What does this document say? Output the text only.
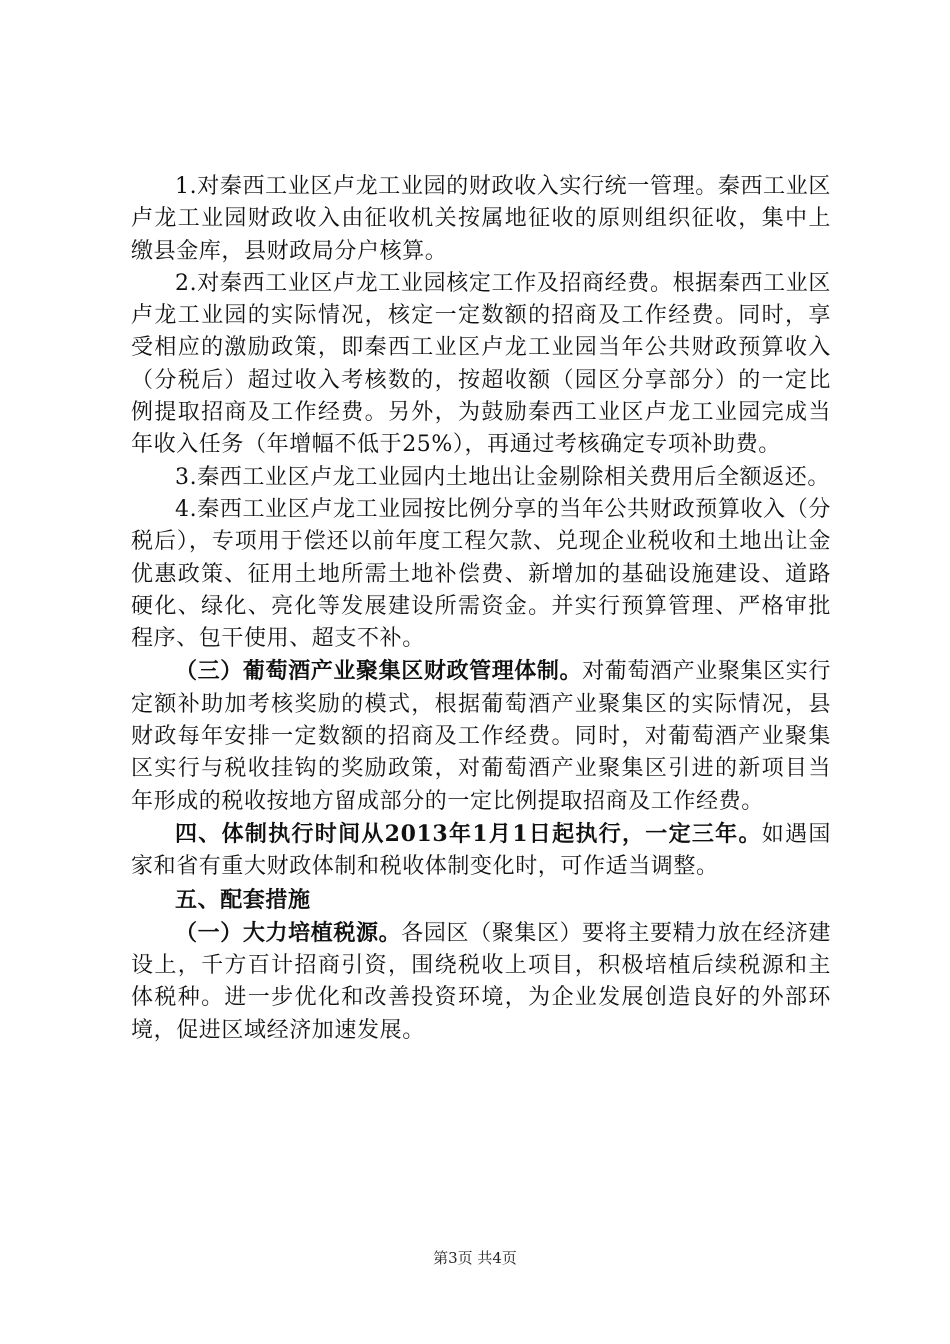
1.对秦西工业区卢龙工业园的财政收入实行统一管理。秦西工业区卢龙工业园财政收入由征收机关按属地征收的原则组织征收，集中上缴县金库，县财政局分户核算。

2.对秦西工业区卢龙工业园核定工作及招商经费。根据秦西工业区卢龙工业园的实际情况，核定一定数额的招商及工作经费。同时，享受相应的激励政策，即秦西工业区卢龙工业园当年公共财政预算收入（分税后）超过收入考核数的，按超收额（园区分享部分）的一定比例提取招商及工作经费。另外，为鼓励秦西工业区卢龙工业园完成当年收入任务（年增幅不低于25%），再通过考核确定专项补助费。

3.秦西工业区卢龙工业园内土地出让金剔除相关费用后全额返还。

4.秦西工业区卢龙工业园按比例分享的当年公共财政预算收入（分税后），专项用于偿还以前年度工程欠款、兑现企业税收和土地出让金优惠政策、征用土地所需土地补偿费、新增加的基础设施建设、道路硬化、绿化、亮化等发展建设所需资金。并实行预算管理、严格审批程序、包干使用、超支不补。

（三）葡萄酒产业聚集区财政管理体制。对葡萄酒产业聚集区实行定额补助加考核奖励的模式，根据葡萄酒产业聚集区的实际情况，县财政每年安排一定数额的招商及工作经费。同时，对葡萄酒产业聚集区实行与税收挂钩的奖励政策，对葡萄酒产业聚集区引进的新项目当年形成的税收按地方留成部分的一定比例提取招商及工作经费。

四、体制执行时间从2013年1月1日起执行，一定三年。如遇国家和省有重大财政体制和税收体制变化时，可作适当调整。

五、配套措施

（一）大力培植税源。各园区（聚集区）要将主要精力放在经济建设上，千方百计招商引资，围绕税收上项目，积极培植后续税源和主体税种。进一步优化和改善投资环境，为企业发展创造良好的外部环境，促进区域经济加速发展。

第3页 共4页
